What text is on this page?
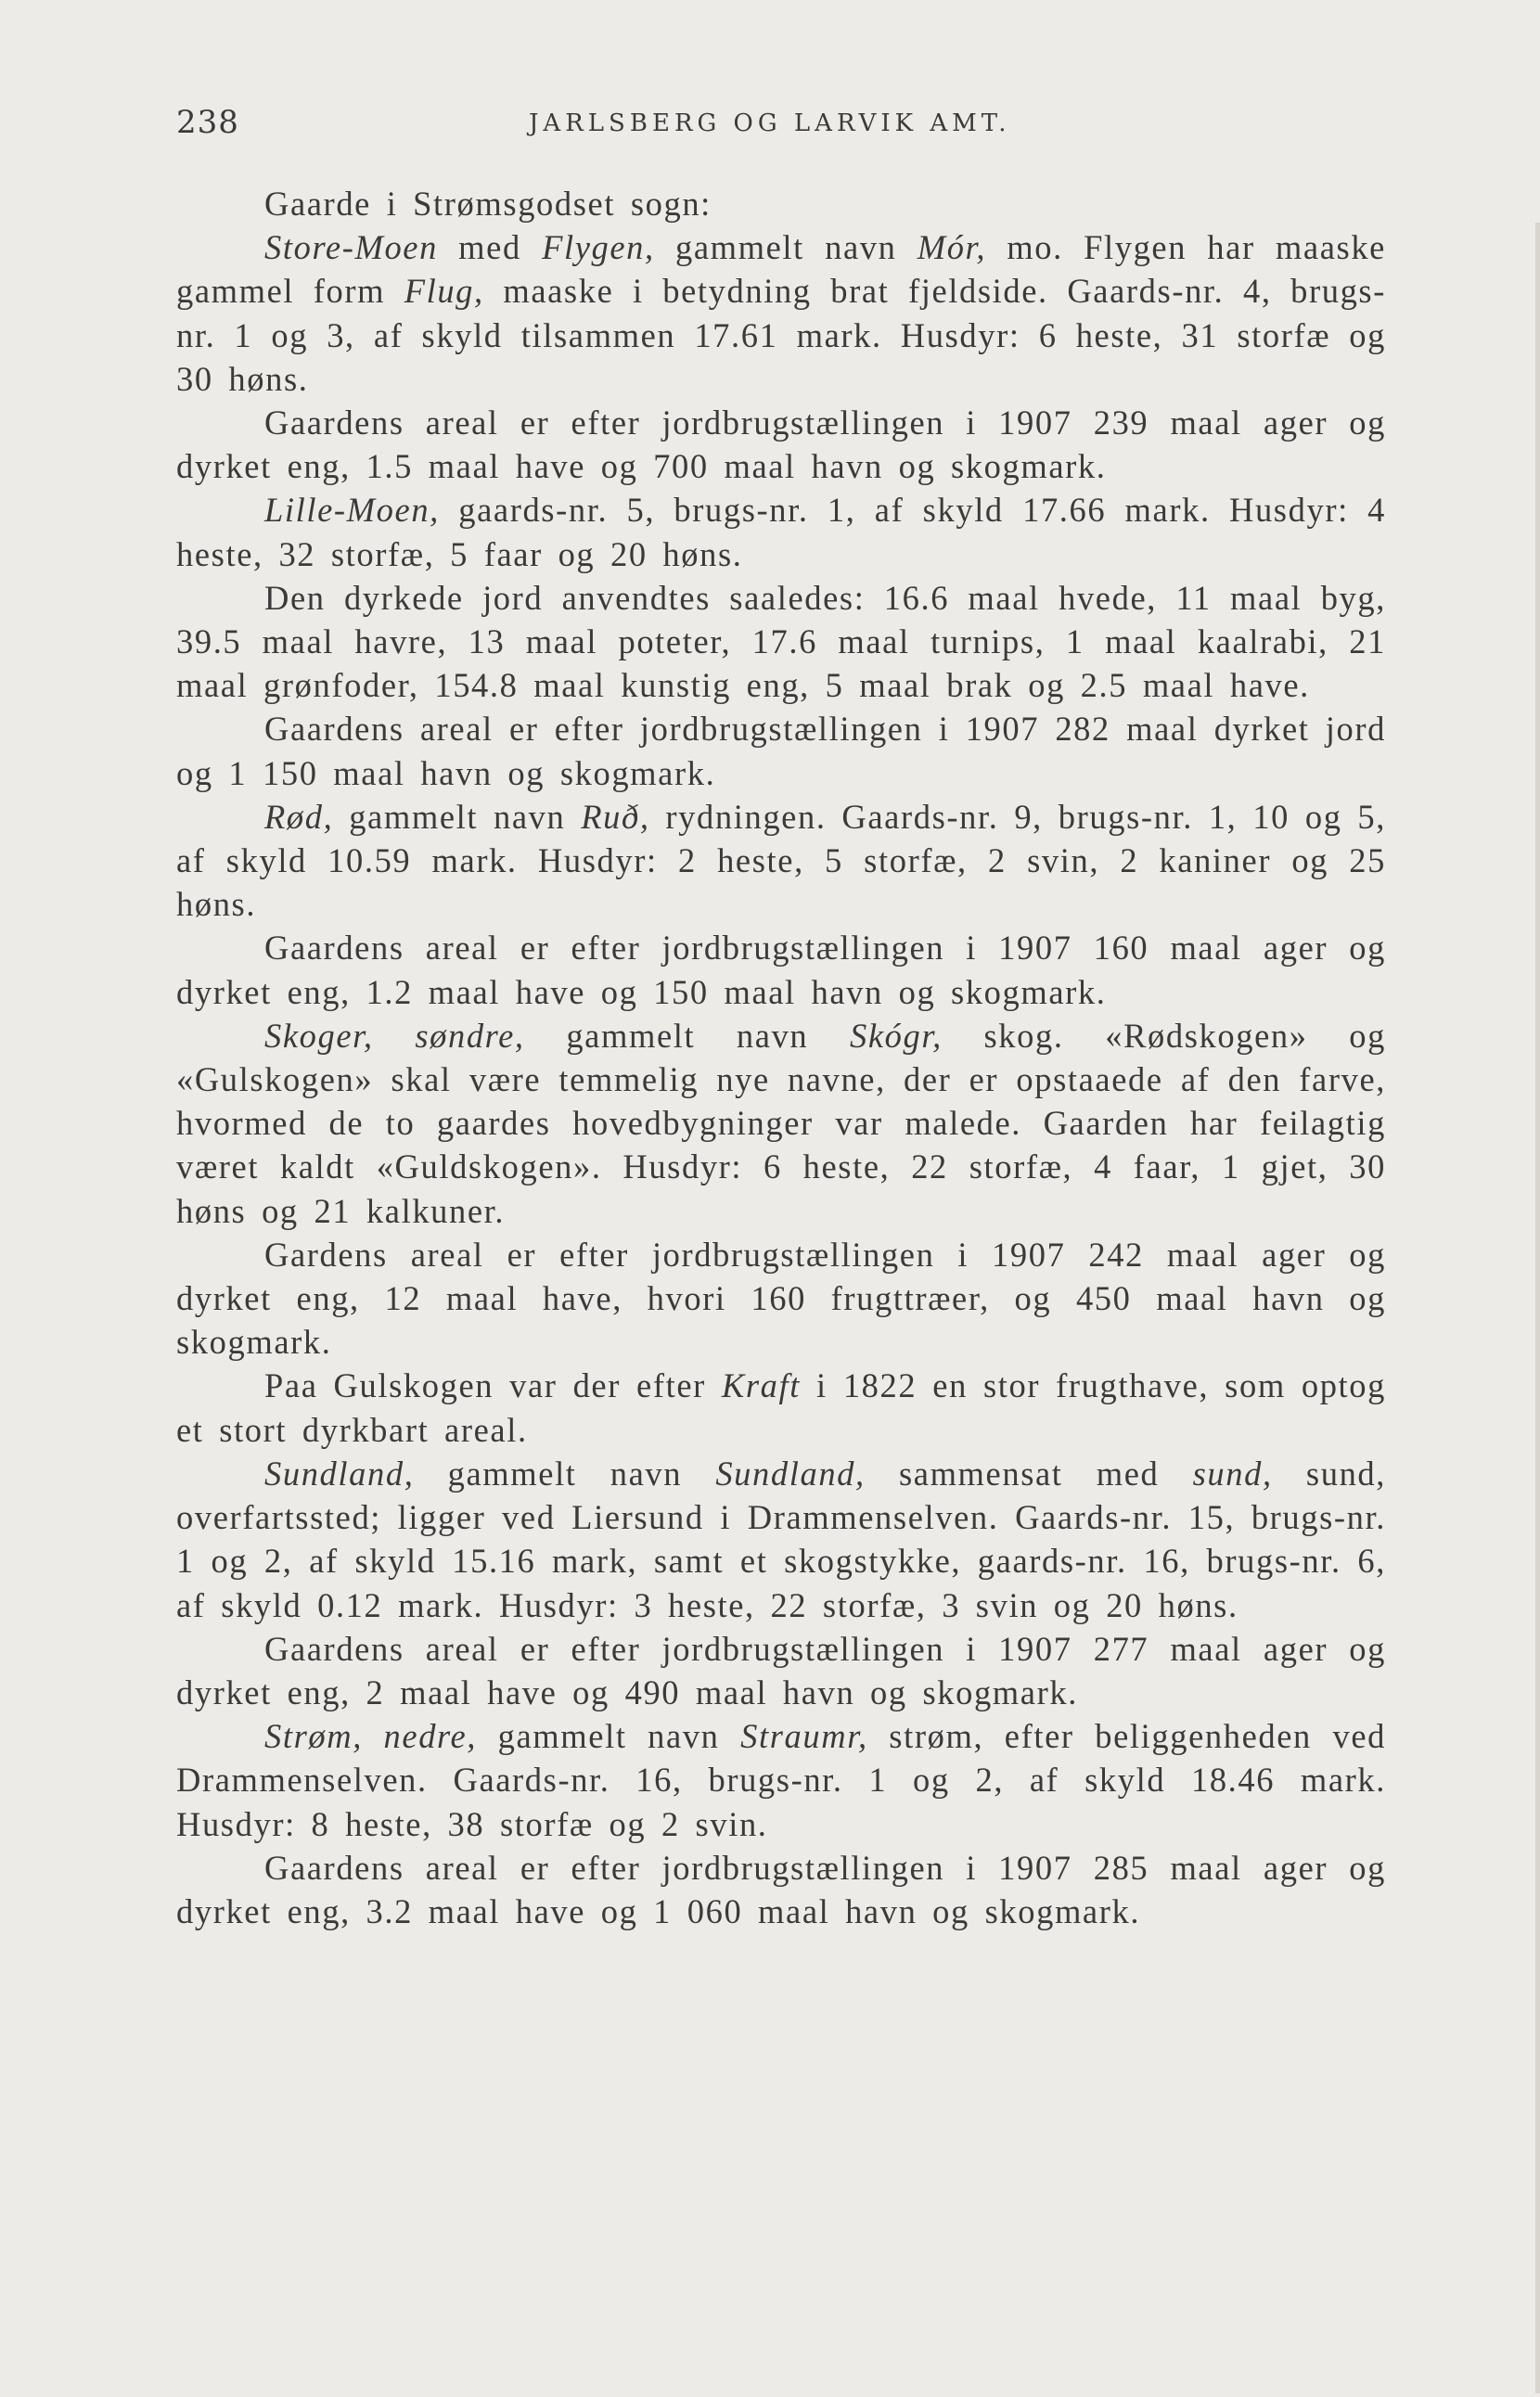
238	JARLSBERG OG LARVIK AMT.

Gaarde i Strømsgodset sogn:

Store-Moen med Flygen, gammelt navn Mór, mo. Flygen har maaske gammel form Flug, maaske i betydning brat fjeldside. Gaards-nr. 4, brugs-nr. 1 og 3, af skyld tilsammen 17.61 mark. Husdyr: 6 heste, 31 storfæ og 30 høns.

Gaardens areal er efter jordbrugstællingen i 1907 239 maal ager og dyrket eng, 1.5 maal have og 700 maal havn og skogmark.

Lille-Moen, gaards-nr. 5, brugs-nr. 1, af skyld 17.66 mark. Husdyr: 4 heste, 32 storfæ, 5 faar og 20 høns.

Den dyrkede jord anvendtes saaledes: 16.6 maal hvede, 11 maal byg, 39.5 maal havre, 13 maal poteter, 17.6 maal turnips, 1 maal kaalrabi, 21 maal grønfoder, 154.8 maal kunstig eng, 5 maal brak og 2.5 maal have.

Gaardens areal er efter jordbrugstællingen i 1907 282 maal dyrket jord og 1 150 maal havn og skogmark.

Rød, gammelt navn Ruð, rydningen. Gaards-nr. 9, brugs-nr. 1, 10 og 5, af skyld 10.59 mark. Husdyr: 2 heste, 5 storfæ, 2 svin, 2 kaniner og 25 høns.

Gaardens areal er efter jordbrugstællingen i 1907 160 maal ager og dyrket eng, 1.2 maal have og 150 maal havn og skogmark.

Skoger, søndre, gammelt navn Skógr, skog. «Rødskogen» og «Gulskogen» skal være temmelig nye navne, der er opstaaede af den farve, hvormed de to gaardes hovedbygninger var malede. Gaarden har feilagtig været kaldt «Guldskogen». Husdyr: 6 heste, 22 storfæ, 4 faar, 1 gjet, 30 høns og 21 kalkuner.

Gardens areal er efter jordbrugstællingen i 1907 242 maal ager og dyrket eng, 12 maal have, hvori 160 frugttræer, og 450 maal havn og skogmark.

Paa Gulskogen var der efter Kraft i 1822 en stor frugthave, som optog et stort dyrkbart areal.

Sundland, gammelt navn Sundland, sammensat med sund, sund, overfartssted; ligger ved Liersund i Drammenselven. Gaards-nr. 15, brugs-nr. 1 og 2, af skyld 15.16 mark, samt et skogstykke, gaards-nr. 16, brugs-nr. 6, af skyld 0.12 mark. Husdyr: 3 heste, 22 storfæ, 3 svin og 20 høns.

Gaardens areal er efter jordbrugstællingen i 1907 277 maal ager og dyrket eng, 2 maal have og 490 maal havn og skogmark.

Strøm, nedre, gammelt navn Straumr, strøm, efter beliggenheden ved Drammenselven. Gaards-nr. 16, brugs-nr. 1 og 2, af skyld 18.46 mark. Husdyr: 8 heste, 38 storfæ og 2 svin.

Gaardens areal er efter jordbrugstællingen i 1907 285 maal ager og dyrket eng, 3.2 maal have og 1 060 maal havn og skogmark.
